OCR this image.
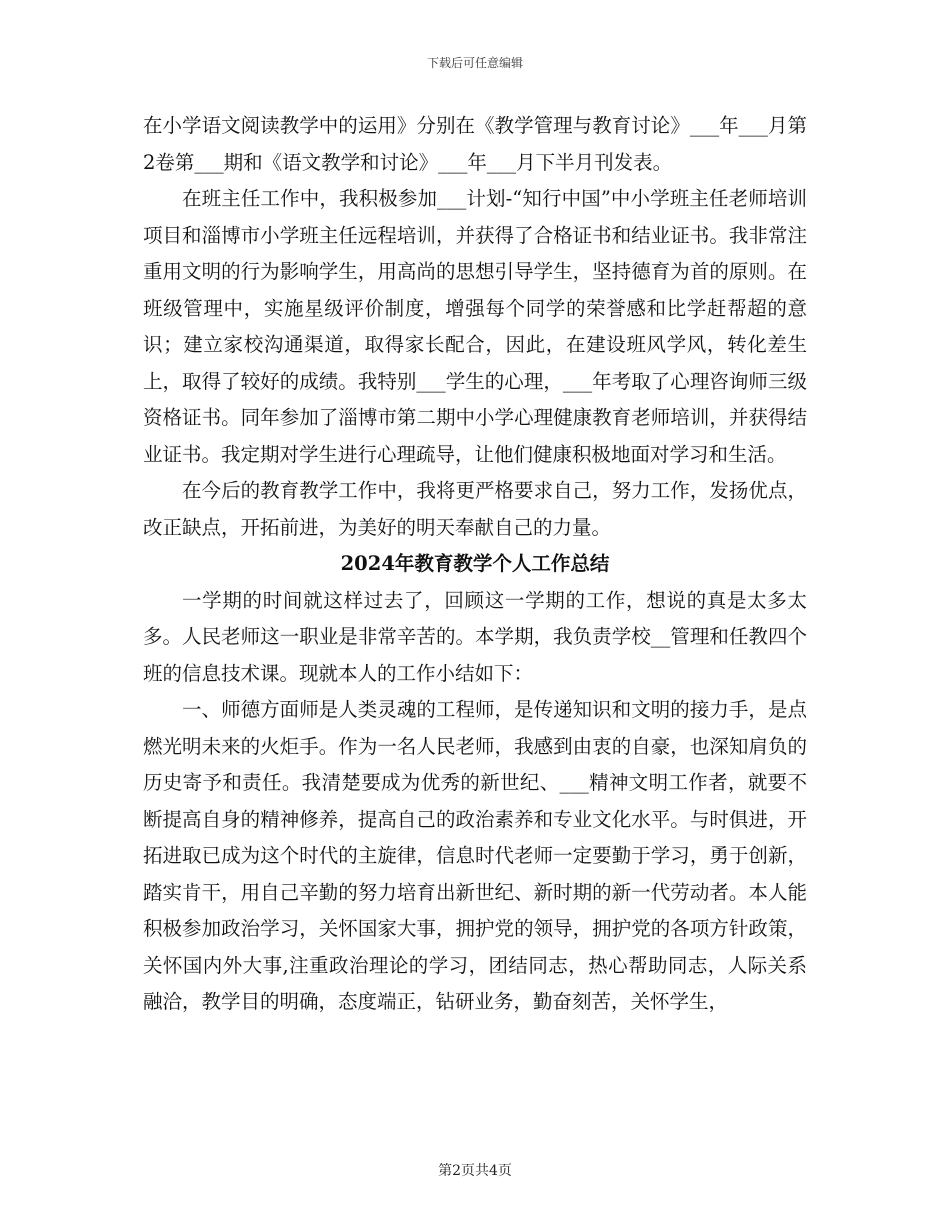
下载后可任意编辑

在小学语文阅读教学中的运用》分别在《教学管理与教育讨论》___年___月第2卷第___期和《语文教学和讨论》___年___月下半月刊发表。

在班主任工作中，我积极参加___计划-“知行中国”中小学班主任老师培训项目和淄博市小学班主任远程培训，并获得了合格证书和结业证书。我非常注重用文明的行为影响学生，用高尚的思想引导学生，坚持德育为首的原则。在班级管理中，实施星级评价制度，增强每个同学的荣誉感和比学赶帮超的意识；建立家校沟通渠道，取得家长配合，因此，在建设班风学风，转化差生上，取得了较好的成绩。我特别___学生的心理，___年考取了心理咨询师三级资格证书。同年参加了淄博市第二期中小学心理健康教育老师培训，并获得结业证书。我定期对学生进行心理疏导，让他们健康积极地面对学习和生活。

在今后的教育教学工作中，我将更严格要求自己，努力工作，发扬优点，改正缺点，开拓前进，为美好的明天奉献自己的力量。

2024年教育教学个人工作总结

一学期的时间就这样过去了，回顾这一学期的工作，想说的真是太多太多。人民老师这一职业是非常辛苦的。本学期，我负责学校__管理和任教四个班的信息技术课。现就本人的工作小结如下：

一、师德方面师是人类灵魂的工程师，是传递知识和文明的接力手，是点燃光明未来的火炬手。作为一名人民老师，我感到由衷的自豪，也深知肩负的历史寄予和责任。我清楚要成为优秀的新世纪、___精神文明工作者，就要不断提高自身的精神修养，提高自己的政治素养和专业文化水平。与时俱进，开拓进取已成为这个时代的主旋律，信息时代老师一定要勤于学习，勇于创新，踏实肯干，用自己辛勤的努力培育出新世纪、新时期的新一代劳动者。本人能积极参加政治学习，关怀国家大事，拥护党的领导，拥护党的各项方针政策，关怀国内外大事,注重政治理论的学习，团结同志，热心帮助同志，人际关系融洽，教学目的明确，态度端正，钻研业务，勤奋刻苦，关怀学生，

第2页共4页
